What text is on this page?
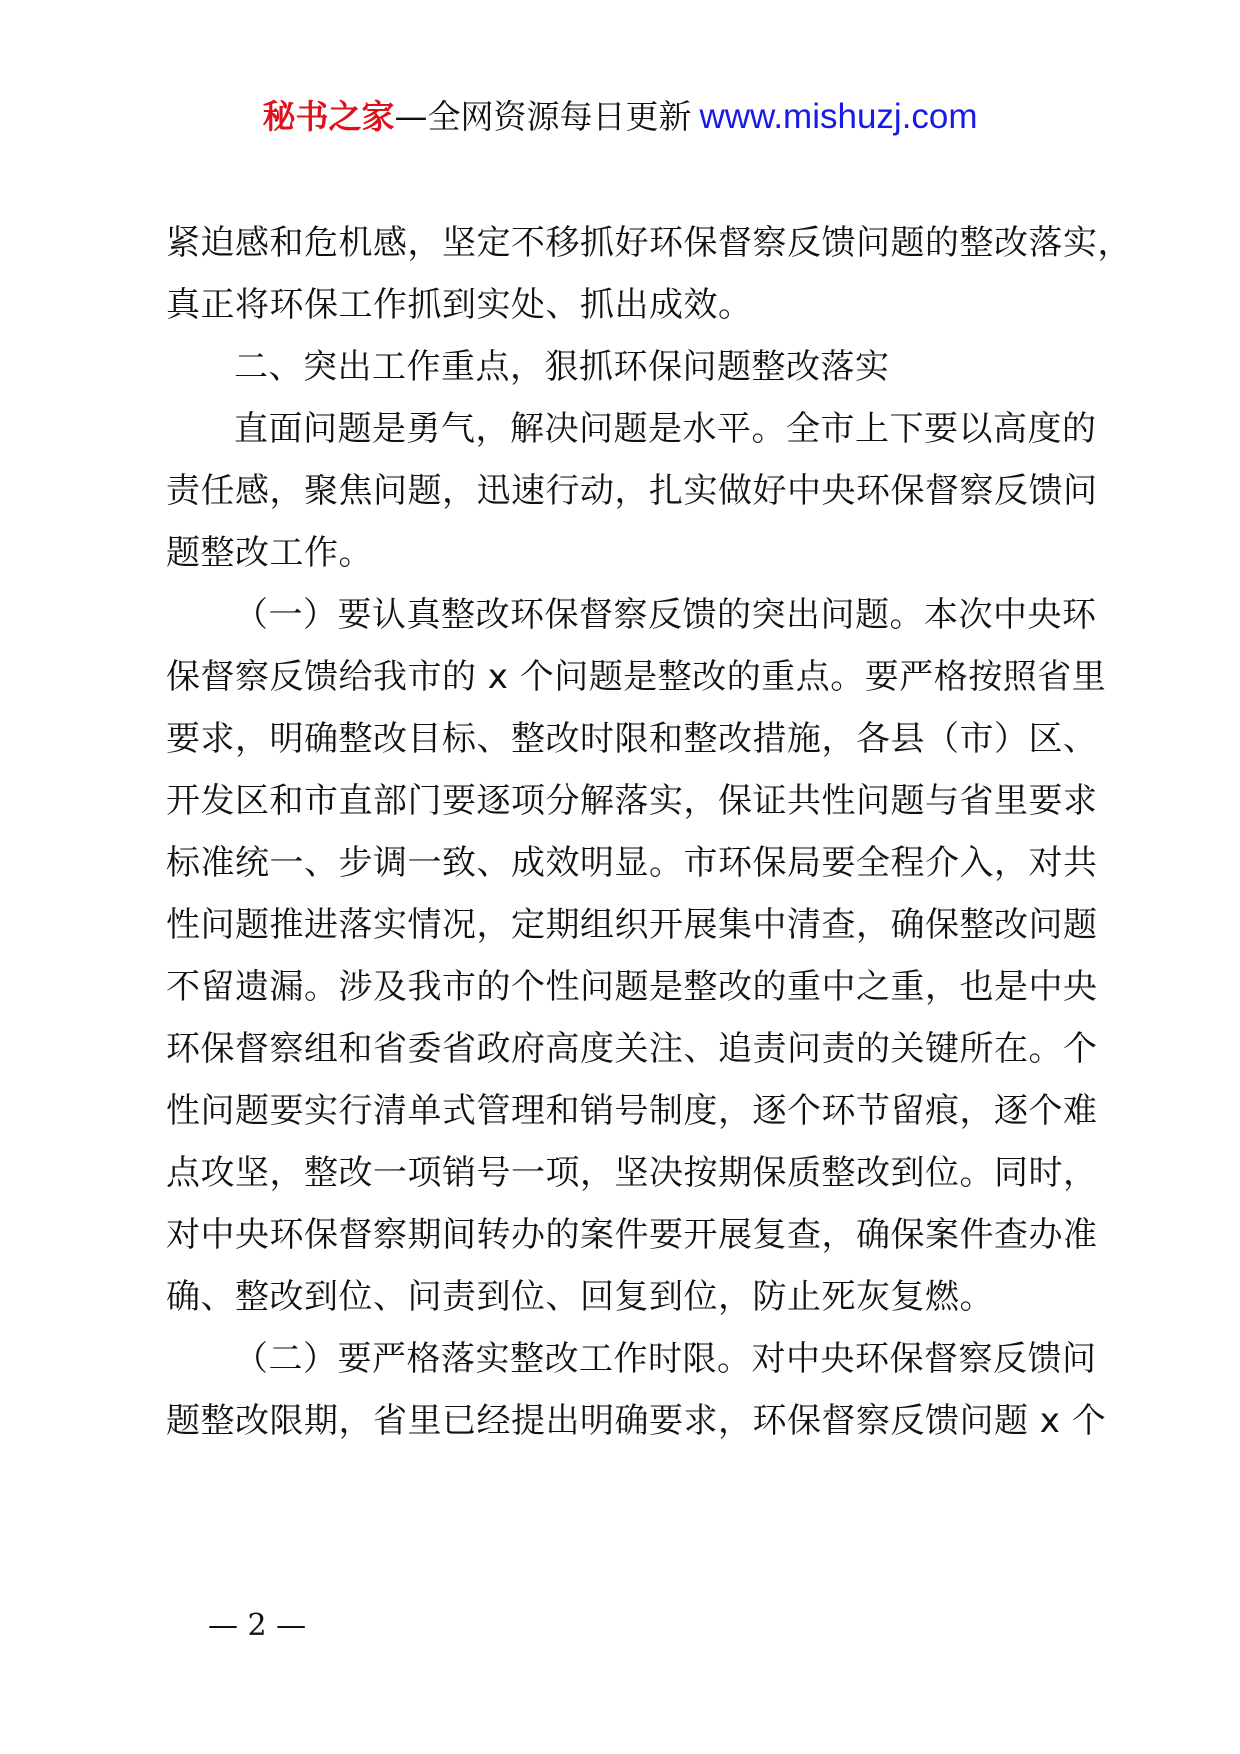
秘书之家—全网资源每日更新 www.mishuzj.com
紧迫感和危机感，坚定不移抓好环保督察反馈问题的整改落实，
真正将环保工作抓到实处、抓出成效。
二、突出工作重点，狠抓环保问题整改落实
直面问题是勇气，解决问题是水平。全市上下要以高度的
责任感，聚焦问题，迅速行动，扎实做好中央环保督察反馈问
题整改工作。
（一）要认真整改环保督察反馈的突出问题。本次中央环
保督察反馈给我市的 x 个问题是整改的重点。要严格按照省里
要求，明确整改目标、整改时限和整改措施，各县（市）区、
开发区和市直部门要逐项分解落实，保证共性问题与省里要求
标准统一、步调一致、成效明显。市环保局要全程介入，对共
性问题推进落实情况，定期组织开展集中清查，确保整改问题
不留遗漏。涉及我市的个性问题是整改的重中之重，也是中央
环保督察组和省委省政府高度关注、追责问责的关键所在。个
性问题要实行清单式管理和销号制度，逐个环节留痕，逐个难
点攻坚，整改一项销号一项，坚决按期保质整改到位。同时，
对中央环保督察期间转办的案件要开展复查，确保案件查办准
确、整改到位、问责到位、回复到位，防止死灰复燃。
（二）要严格落实整改工作时限。对中央环保督察反馈问
题整改限期，省里已经提出明确要求，环保督察反馈问题 x 个
— 2 —
